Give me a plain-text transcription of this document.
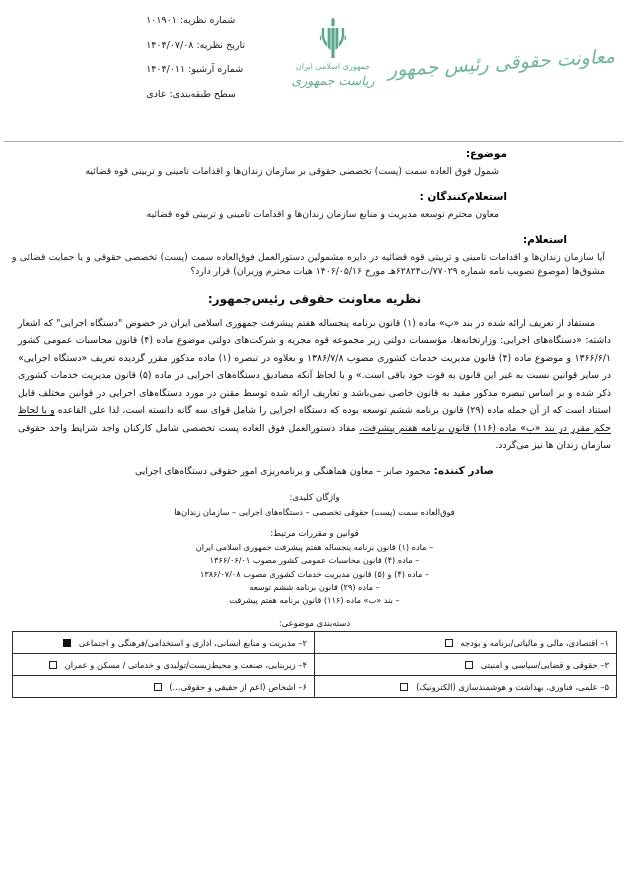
شماره نظریه: ۱۰۱۹۰۱
تاریخ نظریه: ۱۴۰۴/۰۷/۰۸
شماره آرشیو: ۱۴۰۴/۰۱۱
سطح طبقه‌بندی: عادی
جمهوری اسلامی ایران
ریاست جمهوری معاونت حقوقی رئیس جمهور
موضوع:
شمول فوق العاده سمت (پست) تخصصی حقوقی بر سازمان زندان‌ها و اقدامات تامینی و تربیتی قوه قضائیه
استعلام‌کنندگان :
معاون محترم توسعه مدیریت و منابع سازمان زندان‌ها و اقدامات تامینی و تربیتی قوه قضائیه
استعلام:
آیا سازمان زندان‌ها و اقدامات تامینی و تربیتی قوه قضائیه در دایره مشمولین دستورالعمل فوق‌العاده سمت (پست) تخصصی حقوقی و یا حمایت قضائی و مشوق‌ها (موضوع تصویب نامه شماره ۷۷۰۲۹/ت۶۲۸۲۴هـ مورخ ۱۴۰۶/۰۵/۱۶ هیات محترم وزیران) قرار دارد؟
نظریه معاونت حقوقی رئیس‌جمهور:
مستفاد از تعریف ارائه شده در بند «پ» ماده (۱) قانون برنامه پنجساله هفتم پیشرفت جمهوری اسلامی ایران در خصوص "دستگاه اجرایی" که اشعار داشته: «دستگاه‌های اجرایی: وزارتخانه‌ها، مؤسسات دولتی زیر مجموعه قوه مجریه و شرکت‌های دولتی موضوع ماده (۴) قانون محاسبات عمومی کشور ۱۳۶۶/۶/۱ و موضوع ماده (۴) قانون مدیریت خدمات کشوری مصوب ۱۳۸۶/۷/۸ و بعلاوه در تبصره (۱) ماده مذکور مقرر گردیده تعریف «دستگاه اجرایی» در سایر قوانین نسبت به غیر این قانون به قوت خود باقی است.» و با لحاظ آنکه مصادیق دستگاه‌های اجرایی در ماده (۵) قانون مدیریت خدمات کشوری ذکر شده و بر اساس تبصره مذکور مقید به قانون خاصی نمی‌باشد و تعاریف ارائه شده توسط مقنن در مورد دستگاه‌های اجرایی در قوانین مختلف قابل استناد است که از آن جمله ماده (۲۹) قانون برنامه ششم توسعه بوده که دستگاه اجرایی را شامل قوای سه گانه دانسته است، لذا علی القاعده و با لحاظ حکم مقرر در بند «ب» ماده (۱۱۶) قانون برنامه هفتم پیشرفت، مفاد دستورالعمل فوق العاده پست تخصصی شامل کارکنان واجد شرایط واحد حقوقی سازمان زندان ها نیز می‌گردد.
صادر کننده: محمود صابر – معاون هماهنگی و برنامه‌ریزی امور حقوقی دستگاه‌های اجرایی
واژگان کلیدی:
فوق‌العاده سمت (پست) حقوقی تخصصی – دستگاه‌های اجرایی – سازمان زندان‌ها
قوانین و مقررات مرتبط:
– ماده (۱) قانون برنامه پنجساله هفتم پیشرفت جمهوری اسلامی ایران
– ماده (۴) قانون محاسبات عمومی کشور مصوب ۱۳۶۶/۰۶/۰۱
– ماده (۴) و (۵) قانون مدیریت خدمات کشوری مصوب ۱۳۸۶/۰۷/۰۸
– ماده (۲۹) قانون برنامه ششم توسعه
– بند «ب» ماده (۱۱۶) قانون برنامه هفتم پیشرفت
دسته‌بندی موضوعی:
۱– اقتصادی، مالی و مالیاتی/برنامه و بودجه	۲– مدیریت و منابع انسانی، اداری و استخدامی/فرهنگی و اجتماعی
۳– حقوقی و قضایی/سیاسی و امنیتی	۴– زیربنایی، صنعت و محیط‌زیست/تولیدی و خدماتی / مسکن و عمران
۵– علمی، فناوری، بهداشت و هوشمندسازی (الکترونیک)	۶– اشخاص (اعم از حقیقی و حقوقی...)
